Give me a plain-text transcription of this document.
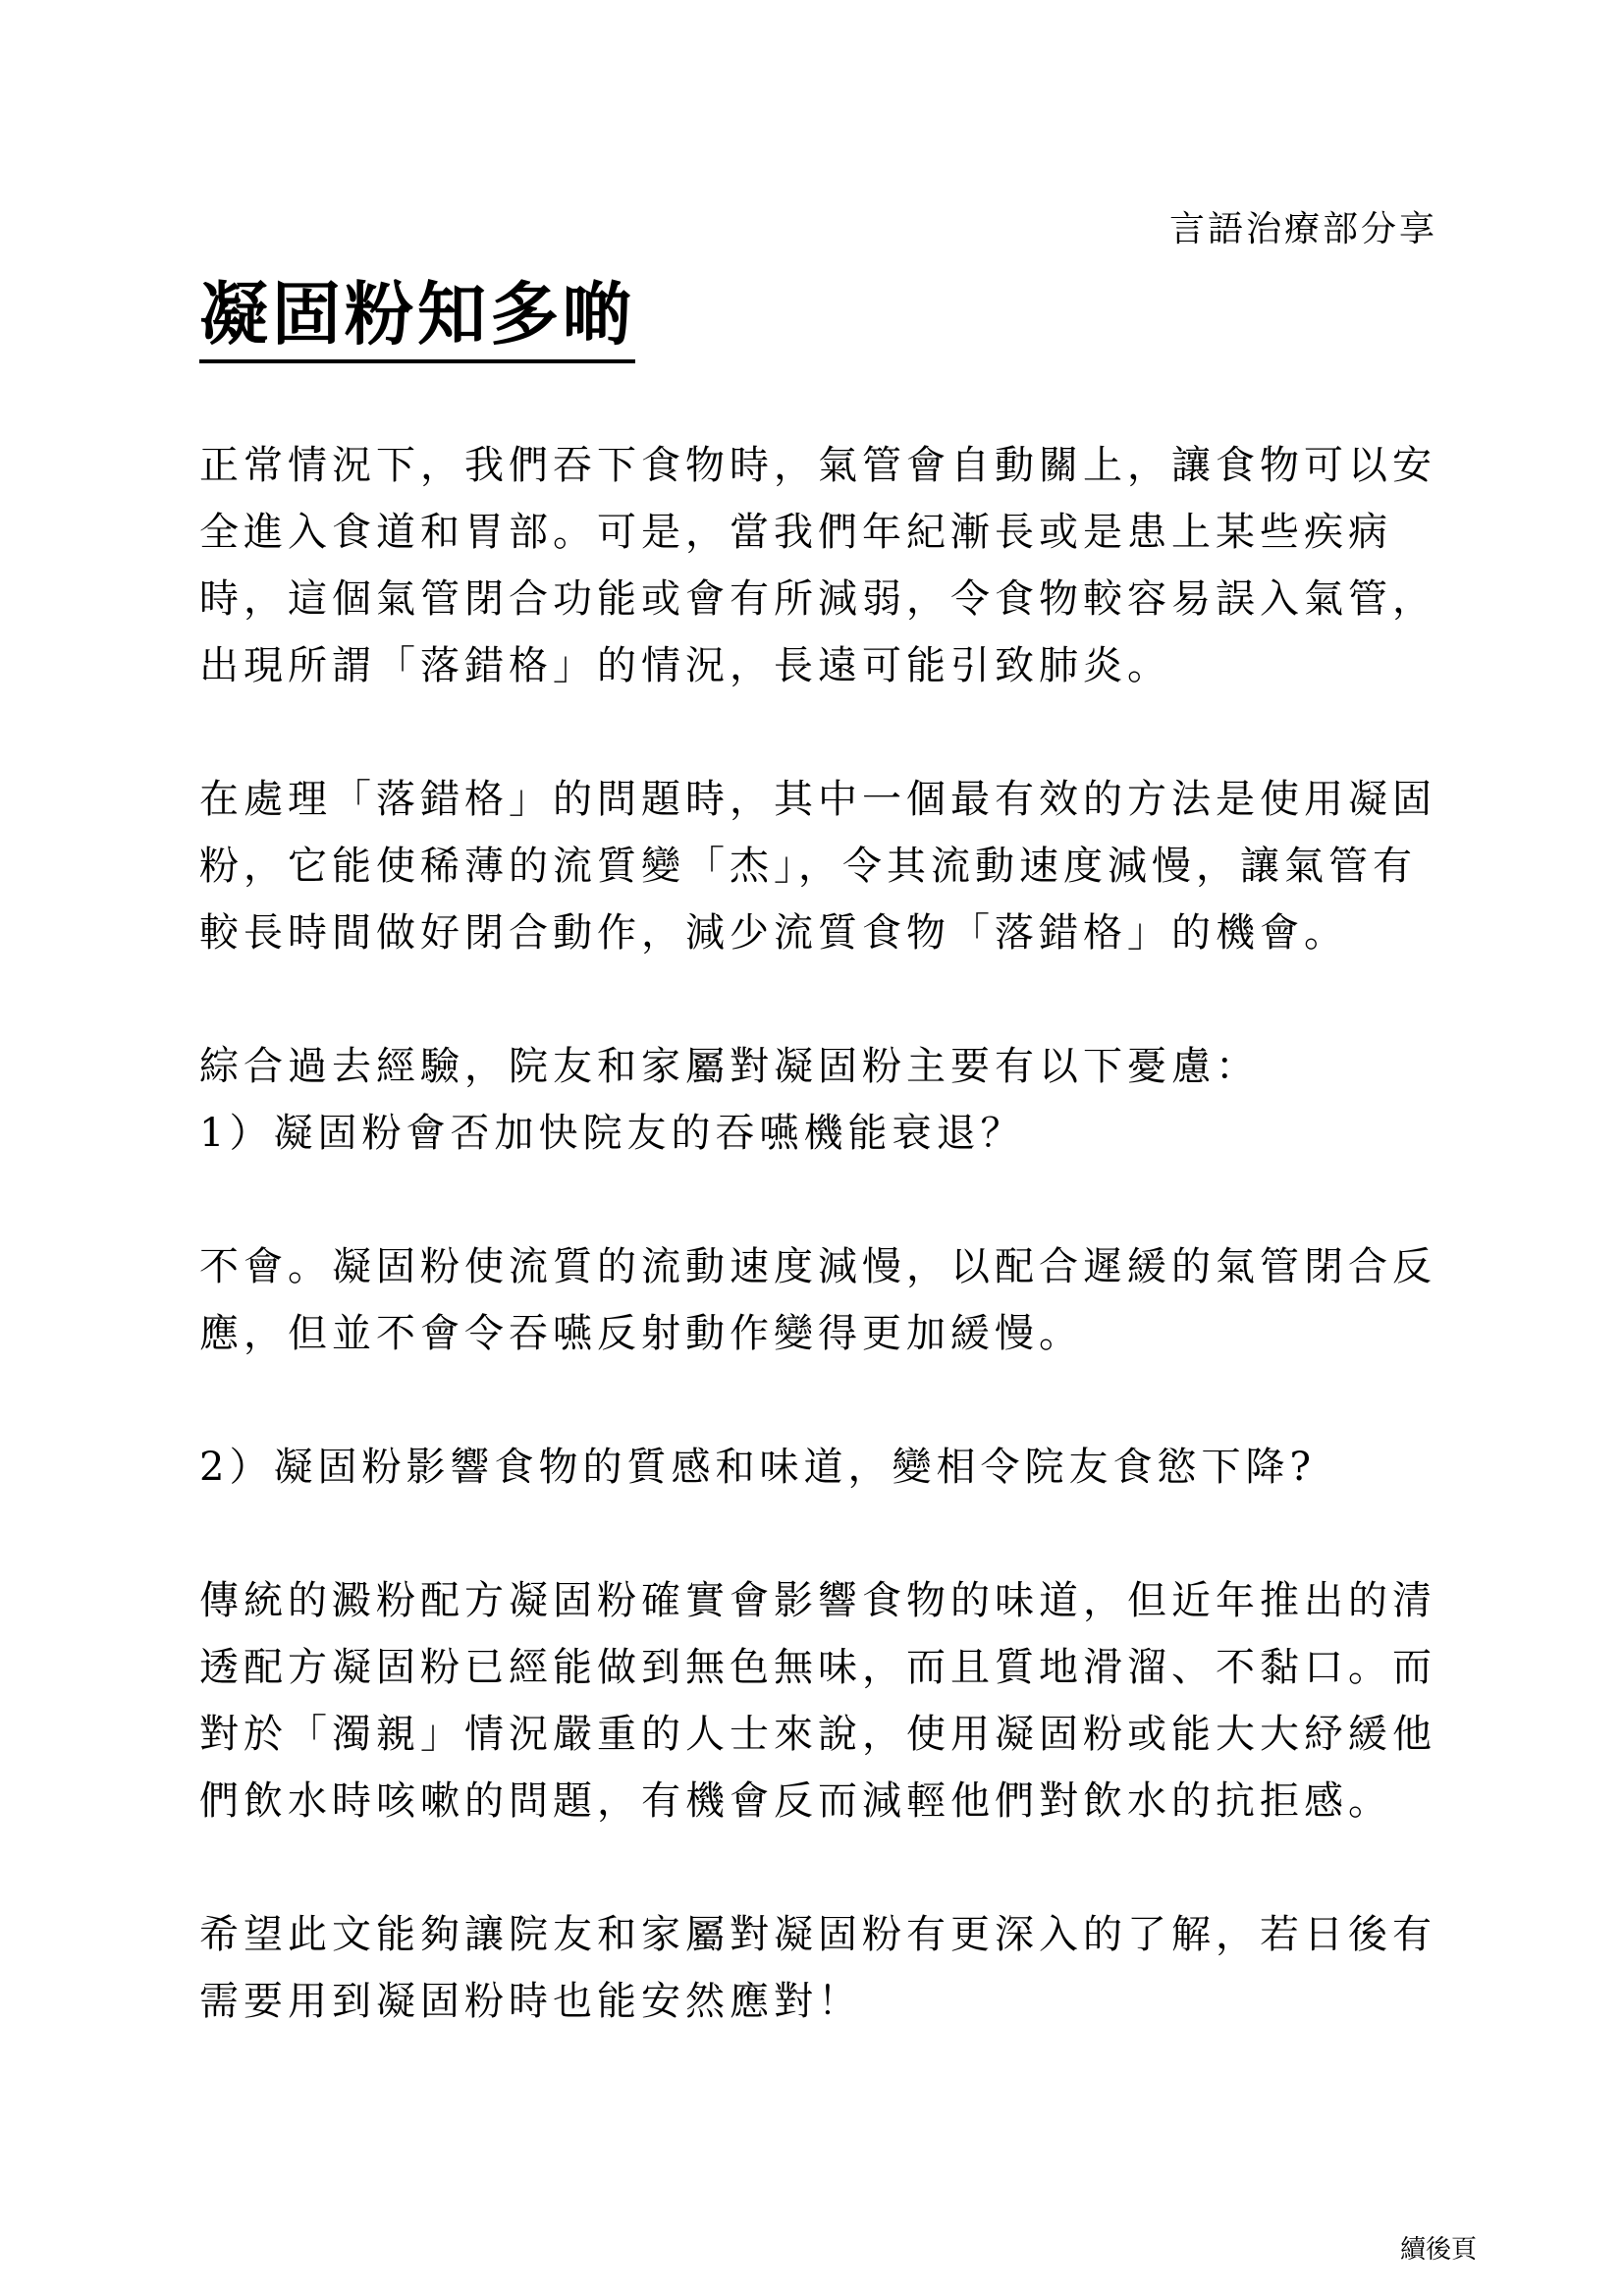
言語治療部分享
凝固粉知多啲

正常情況下，我們吞下食物時，氣管會自動關上，讓食物可以安
全進入食道和胃部。可是，當我們年紀漸長或是患上某些疾病
時，這個氣管閉合功能或會有所減弱，令食物較容易誤入氣管，
出現所謂「落錯格」的情況，長遠可能引致肺炎。

在處理「落錯格」的問題時，其中一個最有效的方法是使用凝固
粉，它能使稀薄的流質變「杰」，令其流動速度減慢，讓氣管有
較長時間做好閉合動作，減少流質食物「落錯格」的機會。

綜合過去經驗，院友和家屬對凝固粉主要有以下憂慮：
1）凝固粉會否加快院友的吞嚥機能衰退？

不會。凝固粉使流質的流動速度減慢，以配合遲緩的氣管閉合反
應，但並不會令吞嚥反射動作變得更加緩慢。

2）凝固粉影響食物的質感和味道，變相令院友食慾下降?

傳統的澱粉配方凝固粉確實會影響食物的味道，但近年推出的清
透配方凝固粉已經能做到無色無味，而且質地滑溜、不黏口。而
對於「濁親」情況嚴重的人士來說，使用凝固粉或能大大紓緩他
們飲水時咳嗽的問題，有機會反而減輕他們對飲水的抗拒感。

希望此文能夠讓院友和家屬對凝固粉有更深入的了解，若日後有
需要用到凝固粉時也能安然應對！

續後頁
